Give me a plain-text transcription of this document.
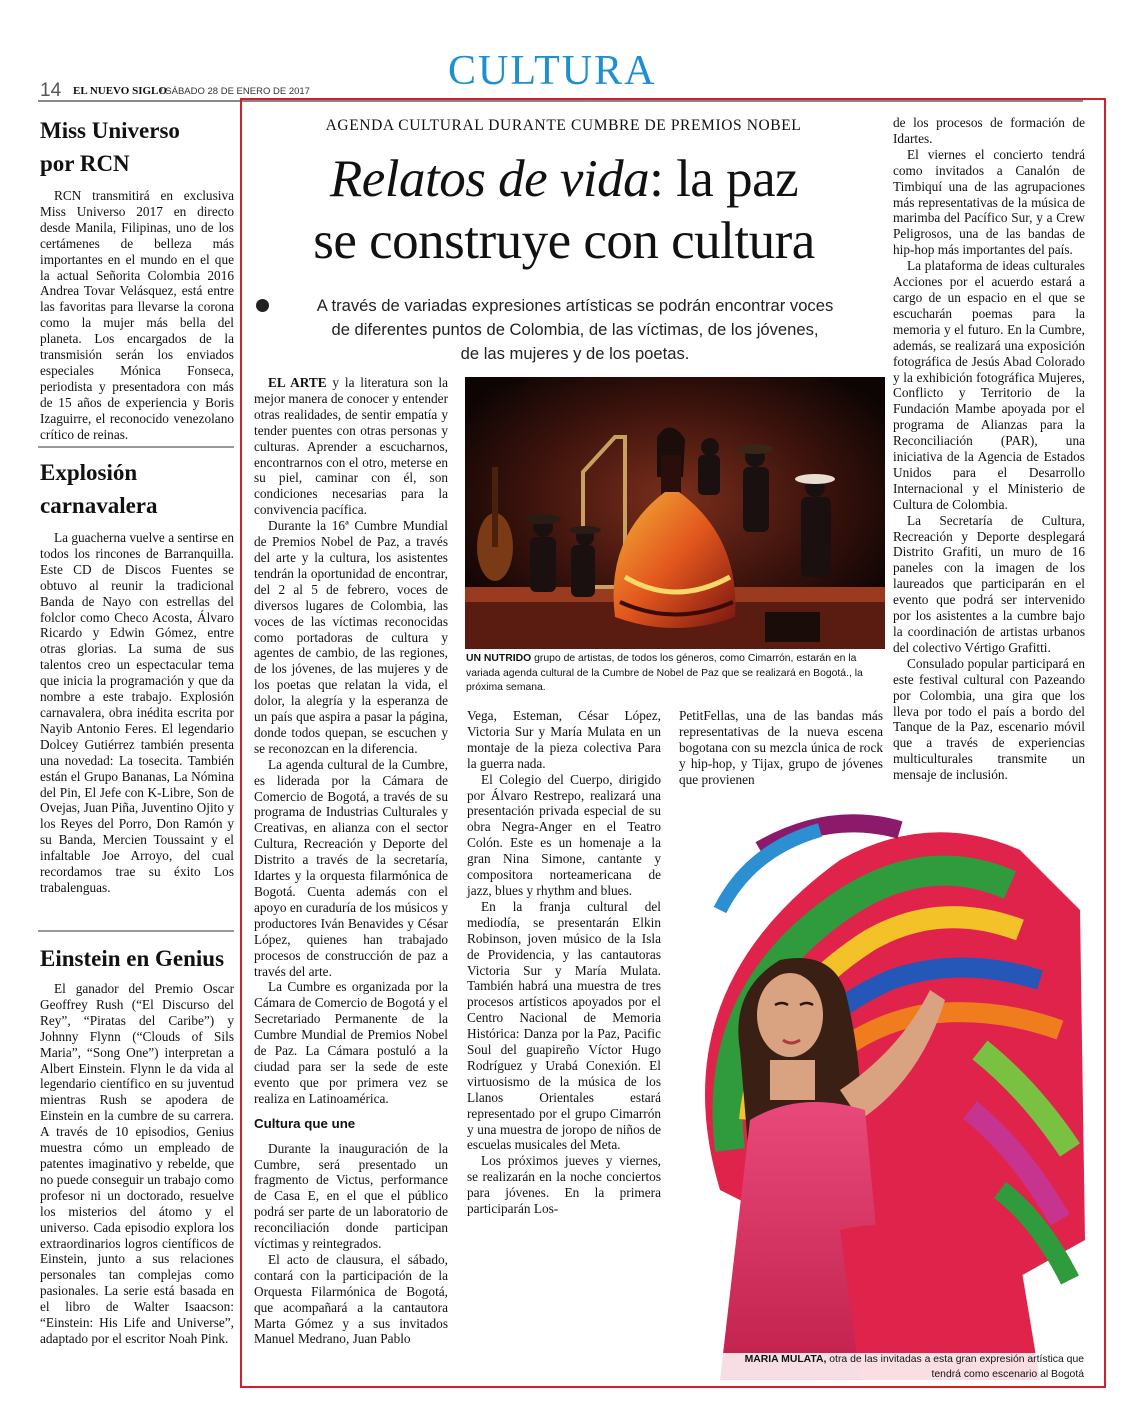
CULTURA
14 EL NUEVO SIGLO
/ SÁBADO 28 DE ENERO DE 2017
Miss Universo
por RCN

RCN transmitirá en exclusiva Miss Universo 2017 en directo desde Manila, Filipinas, uno de los certámenes de belleza más importantes en el mundo en el que la actual Señorita Colombia 2016 Andrea Tovar Velásquez, está entre las favoritas para llevarse la corona como la mujer más bella del planeta. Los encargados de la transmisión serán los enviados especiales Mónica Fonseca, periodista y presentadora con más de 15 años de experiencia y Boris Izaguirre, el reconocido venezolano crítico de reinas.

Explosión
carnavalera

La guacherna vuelve a sentirse en todos los rincones de Barranquilla. Este CD de Discos Fuentes se obtuvo al reunir la tradicional Banda de Nayo con estrellas del folclor como Checo Acosta, Álvaro Ricardo y Edwin Gómez, entre otras glorias. La suma de sus talentos creo un espectacular tema que inicia la programación y que da nombre a este trabajo. Explosión carnavalera, obra inédita escrita por Nayib Antonio Feres. El legendario Dolcey Gutiérrez también presenta una novedad: La tosecita. También están el Grupo Bananas, La Nómina del Pin, El Jefe con K-Libre, Son de Ovejas, Juan Piña, Juventino Ojito y los Reyes del Porro, Don Ramón y su Banda, Mercien Toussaint y el infaltable Joe Arroyo, del cual recordamos trae su éxito Los trabalenguas.

Einstein en Genius

El ganador del Premio Oscar Geoffrey Rush (“El Discurso del Rey”, “Piratas del Caribe”) y Johnny Flynn (“Clouds of Sils Maria”, “Song One”) interpretan a Albert Einstein. Flynn le da vida al legendario científico en su juventud mientras Rush se apodera de Einstein en la cumbre de su carrera. A través de 10 episodios, Genius muestra cómo un empleado de patentes imaginativo y rebelde, que no puede conseguir un trabajo como profesor ni un doctorado, resuelve los misterios del átomo y el universo. Cada episodio explora los extraordinarios logros científicos de Einstein, junto a sus relaciones personales tan complejas como pasionales. La serie está basada en el libro de Walter Isaacson: “Einstein: His Life and Universe”, adaptado por el escritor Noah Pink.

AGENDA CULTURAL DURANTE CUMBRE DE PREMIOS NOBEL
Relatos de vida: la paz
se construye con cultura
A través de variadas expresiones artísticas se podrán encontrar voces
de diferentes puntos de Colombia, de las víctimas, de los jóvenes,
de las mujeres y de los poetas.

EL ARTE y la literatura son la mejor manera de conocer y entender otras realidades, de sentir empatía y tender puentes con otras personas y culturas. Aprender a escucharnos, encontrarnos con el otro, meterse en su piel, caminar con él, son condiciones necesarias para la convivencia pacífica.

Durante la 16ª Cumbre Mundial de Premios Nobel de Paz, a través del arte y la cultura, los asistentes tendrán la oportunidad de encontrar, del 2 al 5 de febrero, voces de diversos lugares de Colombia, las voces de las víctimas reconocidas como portadoras de cultura y agentes de cambio, de las regiones, de los jóvenes, de las mujeres y de los poetas que relatan la vida, el dolor, la alegría y la esperanza de un país que aspira a pasar la página, donde todos quepan, se escuchen y se reconozcan en la diferencia.

La agenda cultural de la Cumbre, es liderada por la Cámara de Comercio de Bogotá, a través de su programa de Industrias Culturales y Creativas, en alianza con el sector Cultura, Recreación y Deporte del Distrito a través de la secretaría, Idartes y la orquesta filarmónica de Bogotá. Cuenta además con el apoyo en curaduría de los músicos y productores Iván Benavides y César López, quienes han trabajado procesos de construcción de paz a través del arte.

La Cumbre es organizada por la Cámara de Comercio de Bogotá y el Secretariado Permanente de la Cumbre Mundial de Premios Nobel de Paz. La Cámara postuló a la ciudad para ser la sede de este evento que por primera vez se realiza en Latinoamérica.

Cultura que une

Durante la inauguración de la Cumbre, será presentado un fragmento de Victus, performance de Casa E, en el que el público podrá ser parte de un laboratorio de reconciliación donde participan víctimas y reintegrados.

El acto de clausura, el sábado, contará con la participación de la Orquesta Filarmónica de Bogotá, que acompañará a la cantautora Marta Gómez y a sus invitados Manuel Medrano, Juan Pablo

UN NUTRIDO grupo de artistas, de todos los géneros, como Cimarrón, estarán en la variada agenda cultural de la Cumbre de Nobel de Paz que se realizará en Bogotá., la próxima semana.

Vega, Esteman, César López, Victoria Sur y María Mulata en un montaje de la pieza colectiva Para la guerra nada.

El Colegio del Cuerpo, dirigido por Álvaro Restrepo, realizará una presentación privada especial de su obra Negra-Anger en el Teatro Colón. Este es un homenaje a la gran Nina Simone, cantante y compositora norteamericana de jazz, blues y rhythm and blues.

En la franja cultural del mediodía, se presentarán Elkin Robinson, joven músico de la Isla de Providencia, y las cantautoras Victoria Sur y María Mulata. También habrá una muestra de tres procesos artísticos apoyados por el Centro Nacional de Memoria Histórica: Danza por la Paz, Pacific Soul del guapireño Víctor Hugo Rodríguez y Urabá Conexión. El virtuosismo de la música de los Llanos Orientales estará representado por el grupo Cimarrón y una muestra de joropo de niños de escuelas musicales del Meta.

Los próximos jueves y viernes, se realizarán en la noche conciertos para jóvenes. En la primera participarán Los-

PetitFellas, una de las bandas más representativas de la nueva escena bogotana con su mezcla única de rock y hip-hop, y Tijax, grupo de jóvenes que provienen

MARIA MULATA, otra de las invitadas a esta gran expresión artística que
tendrá como escenario al Bogotá

de los procesos de formación de Idartes.

El viernes el concierto tendrá como invitados a Canalón de Timbiquí una de las agrupaciones más representativas de la música de marimba del Pacífico Sur, y a Crew Peligrosos, una de las bandas de hip-hop más importantes del país.

La plataforma de ideas culturales Acciones por el acuerdo estará a cargo de un espacio en el que se escucharán poemas para la memoria y el futuro. En la Cumbre, además, se realizará una exposición fotográfica de Jesús Abad Colorado y la exhibición fotográfica Mujeres, Conflicto y Territorio de la Fundación Mambe apoyada por el programa de Alianzas para la Reconciliación (PAR), una iniciativa de la Agencia de Estados Unidos para el Desarrollo Internacional y el Ministerio de Cultura de Colombia.

La Secretaría de Cultura, Recreación y Deporte desplegará Distrito Grafiti, un muro de 16 paneles con la imagen de los laureados que participarán en el evento que podrá ser intervenido por los asistentes a la cumbre bajo la coordinación de artistas urbanos del colectivo Vértigo Grafitti.

Consulado popular participará en este festival cultural con Pazeando por Colombia, una gira que los lleva por todo el país a bordo del Tanque de la Paz, escenario móvil que a través de experiencias multiculturales transmite un mensaje de inclusión.
